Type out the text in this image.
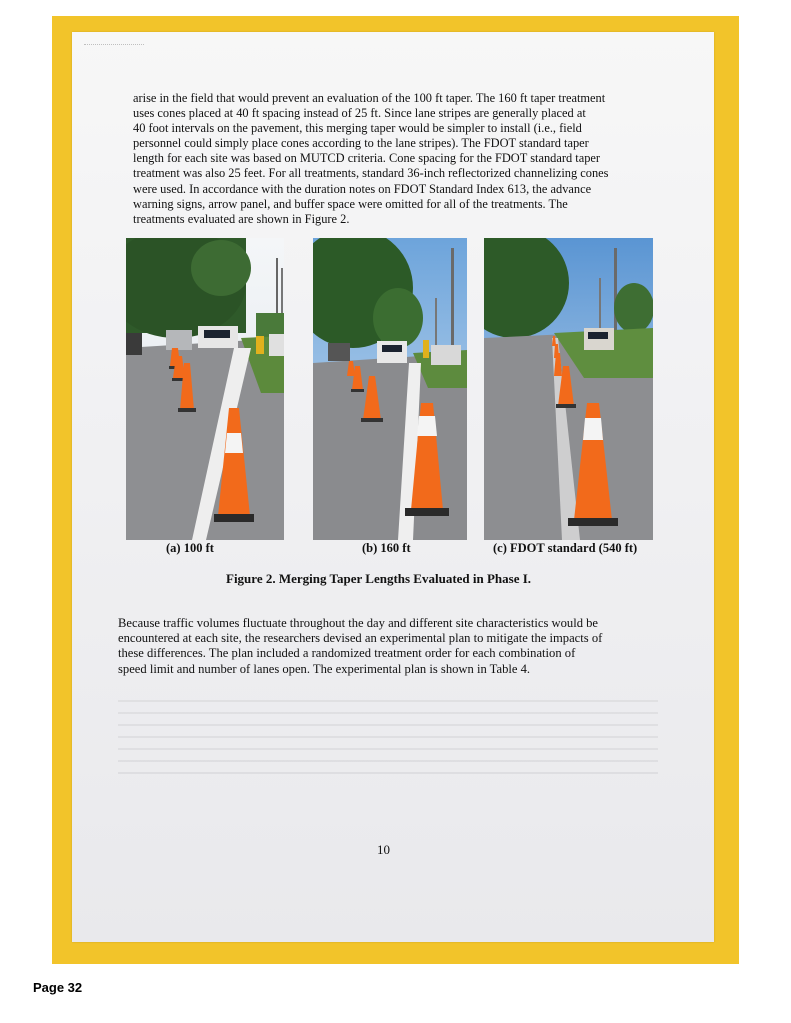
arise in the field that would prevent an evaluation of the 100 ft taper. The 160 ft taper treatment
uses cones placed at 40 ft spacing instead of 25 ft. Since lane stripes are generally placed at
40 foot intervals on the pavement, this merging taper would be simpler to install (i.e., field
personnel could simply place cones according to the lane stripes). The FDOT standard taper
length for each site was based on MUTCD criteria. Cone spacing for the FDOT standard taper
treatment was also 25 feet. For all treatments, standard 36-inch reflectorized channelizing cones
were used. In accordance with the duration notes on FDOT Standard Index 613, the advance
warning signs, arrow panel, and buffer space were omitted for all of the treatments. The
treatments evaluated are shown in Figure 2.
(a) 100 ft	(b) 160 ft	(c) FDOT standard (540 ft)
Figure 2. Merging Taper Lengths Evaluated in Phase I.
Because traffic volumes fluctuate throughout the day and different site characteristics would be
encountered at each site, the researchers devised an experimental plan to mitigate the impacts of
these differences. The plan included a randomized treatment order for each combination of
speed limit and number of lanes open. The experimental plan is shown in Table 4.
10
Page 32
